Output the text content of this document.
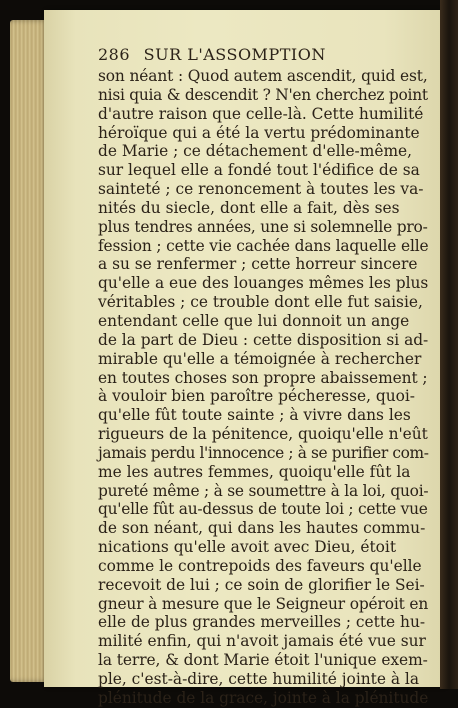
286 SUR L'ASSOMPTION
son néant : Quod autem ascendit, quid est,
nisi quia & descendit ? N'en cherchez point
d'autre raison que celle-là. Cette humilité
héroïque qui a été la vertu prédominante
de Marie ; ce détachement d'elle-même,
sur lequel elle a fondé tout l'édifice de sa
sainteté ; ce renoncement à toutes les va-
nités du siecle, dont elle a fait, dès ses
plus tendres années, une si solemnelle pro-
fession ; cette vie cachée dans laquelle elle
a su se renfermer ; cette horreur sincere
qu'elle a eue des louanges mêmes les plus
véritables ; ce trouble dont elle fut saisie,
entendant celle que lui donnoit un ange
de la part de Dieu : cette disposition si ad-
mirable qu'elle a témoignée à rechercher
en toutes choses son propre abaissement ;
à vouloir bien paroître pécheresse, quoi-
qu'elle fût toute sainte ; à vivre dans les
rigueurs de la pénitence, quoiqu'elle n'eût
jamais perdu l'innocence ; à se purifier com-
me les autres femmes, quoiqu'elle fût la
pureté même ; à se soumettre à la loi, quoi-
qu'elle fût au-dessus de toute loi ; cette vue
de son néant, qui dans les hautes commu-
nications qu'elle avoit avec Dieu, étoit
comme le contrepoids des faveurs qu'elle
recevoit de lui ; ce soin de glorifier le Sei-
gneur à mesure que le Seigneur opéroit en
elle de plus grandes merveilles ; cette hu-
milité enfin, qui n'avoit jamais été vue sur
la terre, & dont Marie étoit l'unique exem-
ple, c'est-à-dire, cette humilité jointe à la
plénitude de la grace, jointe à la plénitude
